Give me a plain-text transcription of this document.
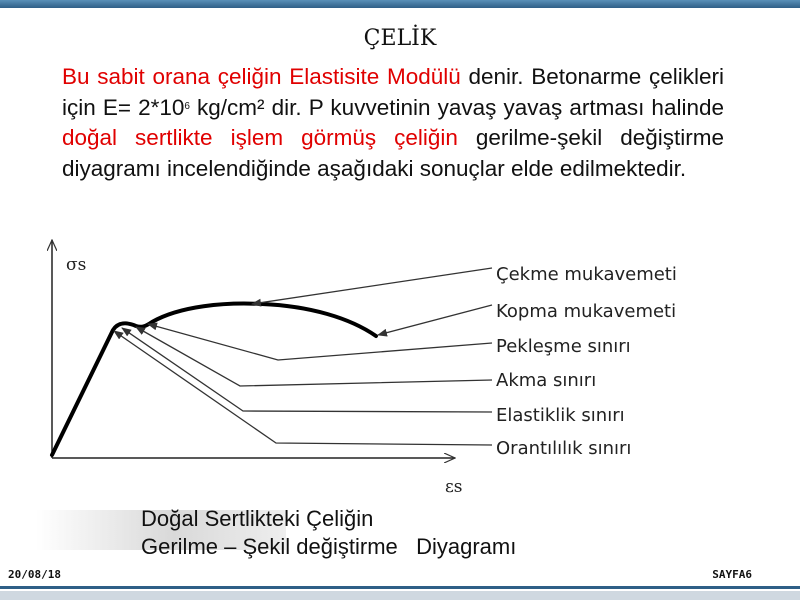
ÇELİK
Bu sabit orana çeliğin Elastisite Modülü denir. Betonarme çelikleri için $E= 2*10^6$ kg/cm² dir. P kuvvetinin yavaş yavaş artması halinde doğal sertlikte işlem görmüş çeliğin gerilme-şekil değiştirme diyagramı incelendiğinde aşağıdaki sonuçlar elde edilmektedir.
σs
εs
Çekme mukavemeti
Kopma mukavemeti
Pekleşme sınırı
Akma sınırı
Elastiklik sınırı
Orantılılık sınırı
Doğal Sertlikteki Çeliğin
Gerilme – Şekil değiştirme   Diyagramı
20/08/18	SAYFA6
